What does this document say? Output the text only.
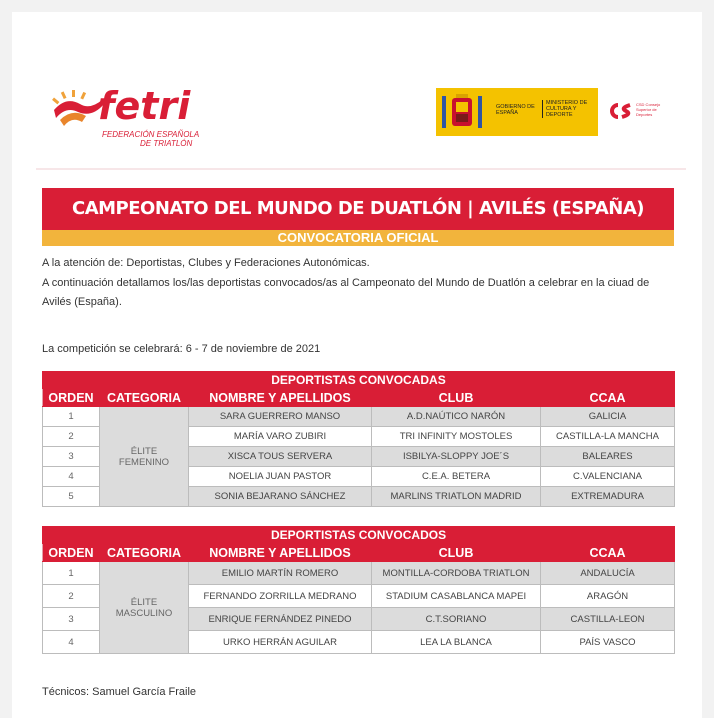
fetri
FEDERACIÓN ESPAÑOLA
DE TRIATLÓN
GOBIERNO DE ESPAÑA
MINISTERIO DE CULTURA Y DEPORTE
CSD Consejo Superior de Deportes
CAMPEONATO DEL MUNDO DE DUATLÓN | AVILÉS (ESPAÑA)
CONVOCATORIA OFICIAL
A la atención de: Deportistas, Clubes y Federaciones Autonómicas.
A continuación detallamos los/las deportistas convocados/as al Campeonato del Mundo de Duatlón a celebrar en la ciuad de Avilés (España).
La competición se celebrará: 6 - 7 de noviembre de 2021
DEPORTISTAS CONVOCADAS				
ORDEN	CATEGORIA	NOMBRE Y APELLIDOS	CLUB	CCAA
1	ÉLITE FEMENINO	SARA GUERRERO MANSO	A.D.NAÚTICO NARÓN	GALICIA
2		MARÍA VARO ZUBIRI	TRI INFINITY MOSTOLES	CASTILLA-LA MANCHA
3		XISCA TOUS SERVERA	ISBILYA-SLOPPY JOE´S	BALEARES
4		NOELIA JUAN PASTOR	C.E.A. BETERA	C.VALENCIANA
5		SONIA BEJARANO SÁNCHEZ	MARLINS TRIATLON MADRID	EXTREMADURA
DEPORTISTAS CONVOCADOS				
ORDEN	CATEGORIA	NOMBRE Y APELLIDOS	CLUB	CCAA
1	ÉLITE MASCULINO	EMILIO MARTÍN ROMERO	MONTILLA-CORDOBA TRIATLON	ANDALUCÍA
2		FERNANDO ZORRILLA MEDRANO	STADIUM CASABLANCA MAPEI	ARAGÓN
3		ENRIQUE FERNÁNDEZ PINEDO	C.T.SORIANO	CASTILLA-LEON
4		URKO HERRÁN AGUILAR	LEA LA BLANCA	PAÍS VASCO
Técnicos: Samuel García Fraile
